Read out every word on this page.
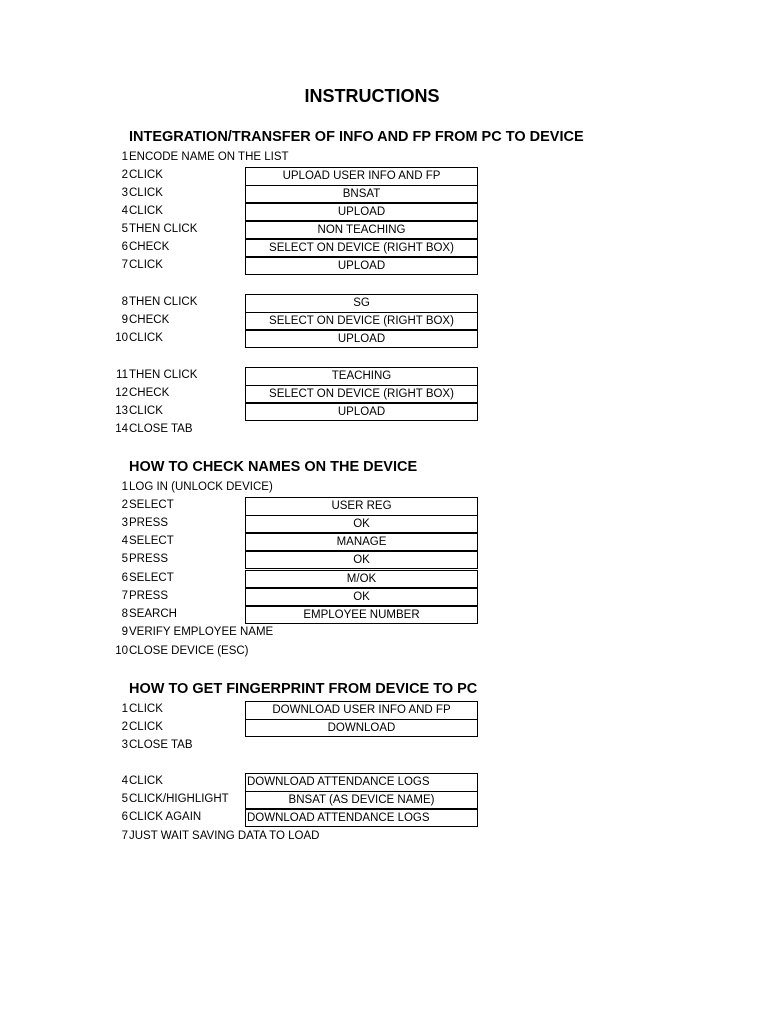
INSTRUCTIONS
INTEGRATION/TRANSFER OF INFO AND FP FROM PC TO DEVICE
1 ENCODE NAME ON THE LIST
2 CLICK	UPLOAD USER INFO AND FP
3 CLICK	BNSAT
4 CLICK	UPLOAD
5 THEN CLICK	NON TEACHING
6 CHECK	SELECT ON DEVICE (RIGHT BOX)
7 CLICK	UPLOAD
8 THEN CLICK	SG
9 CHECK	SELECT ON DEVICE (RIGHT BOX)
10 CLICK	UPLOAD
11 THEN CLICK	TEACHING
12 CHECK	SELECT ON DEVICE (RIGHT BOX)
13 CLICK	UPLOAD
14 CLOSE TAB
HOW TO CHECK NAMES ON THE DEVICE
1 LOG IN (UNLOCK DEVICE)
2 SELECT	USER REG
3 PRESS	OK
4 SELECT	MANAGE
5 PRESS	OK
6 SELECT	M/OK
7 PRESS	OK
8 SEARCH	EMPLOYEE NUMBER
9 VERIFY EMPLOYEE NAME
10 CLOSE DEVICE (ESC)
HOW TO GET FINGERPRINT FROM DEVICE TO PC
1 CLICK	DOWNLOAD USER INFO AND FP
2 CLICK	DOWNLOAD
3 CLOSE TAB
4 CLICK	DOWNLOAD ATTENDANCE LOGS
5 CLICK/HIGHLIGHT	BNSAT (AS DEVICE NAME)
6 CLICK AGAIN	DOWNLOAD ATTENDANCE LOGS
7 JUST WAIT SAVING DATA TO LOAD
